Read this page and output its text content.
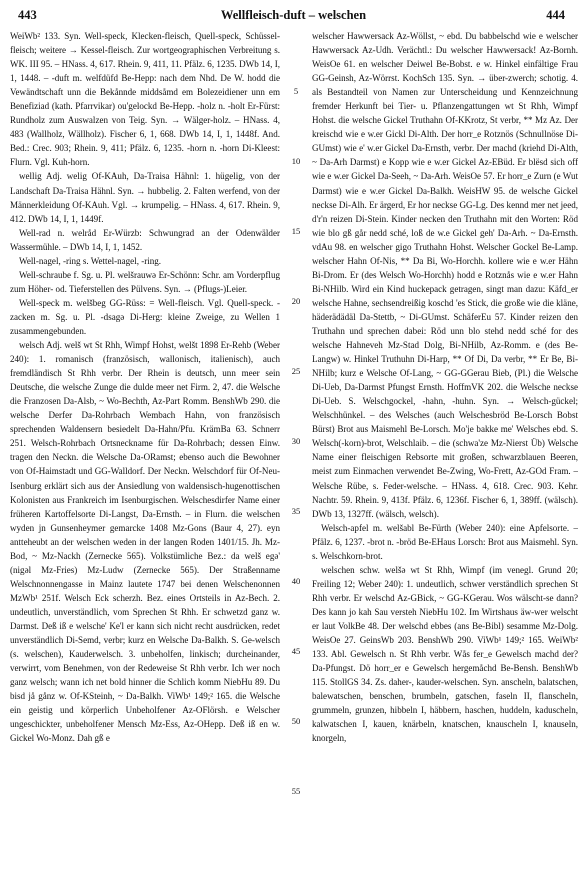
443	Wellfleisch-duft – welschen	444

WeiWb² 133. Syn. Well-speck, Klecken-fleisch, Quell-speck, Schüssel-fleisch; weitere → Kessel-fleisch. Zur wortgeographischen Verbreitung s. WK. III 95. – HNass. 4, 617. Rhein. 9, 411, 11. Pfälz. 6, 1235. DWb 14, I, 1, 1448. – -duft m. welfdüfd Be-Hepp: nach dem Nhd. De W. hodd die Vewändtschaft unn die Bekånnde middsåmd em Bolezeidiener unn em Benefiziad (kath. Pfarrvikar) ou'gelockd Be-Hepp. -holz n. -holt Er-Fürst: Rundholz zum Auswalzen von Teig. Syn. → Wälger-holz. – HNass. 4, 483 (Wallholz, Wällholz). Fischer 6, 1, 668. DWb 14, I, 1, 1448f. And. Bed.: Crec. 903; Rhein. 9, 411; Pfälz. 6, 1235. -horn n. -horn Di-Kleest: Flurn. Vgl. Kuh-horn.

wellig Adj. welig Of-KAuh, Da-Traisa Hähnl: 1. hügelig, von der Landschaft Da-Traisa Hähnl. Syn. → hubbelig. 2. Falten werfend, von der Männerkleidung Of-KAuh. Vgl. → krumpelig. – HNass. 4, 617. Rhein. 9, 412. DWb 14, I, 1, 1449f.

Well-rad n. welråd Er-Würzb: Schwungrad an der Odenwälder Wassermühle. – DWb 14, I, 1, 1452.

Well-nagel, -ring s. Wettel-nagel, -ring.

Well-schraube f. Sg. u. Pl. welšrauwə Er-Schönn: Schr. am Vorderpflug zum Höher- od. Tieferstellen des Pülvens. Syn. → (Pflugs-)Leier.

Well-speck m. welšbeg GG-Rüss: = Well-fleisch. Vgl. Quell-speck. -zacken m. Sg. u. Pl. -dsagə Di-Herg: kleine Zweige, zu Wellen 1 zusammengebunden.

welsch Adj. welš wt St Rhh, Wimpf Hohst, welšt 1898 Er-Rehb (Weber 240): 1. romanisch (französisch, wallonisch, italienisch), auch fremdländisch St Rhh verbr. Der Rhein is deutsch, unn meer sein Deutsche, die welsche Zunge die dulde meer net Firm. 2, 47. die Welsche die Franzosen Da-Alsb, ~ Wo-Bechth, Az-Part Romm. BenshWb 290. die welsche Derfer Da-Rohrbach Wembach Hahn, von französisch sprechenden Waldensern besiedelt Da-Hahn/Pfu. KrämBa 63. Schnerr 251. Welsch-Rohrbach Ortsneckname für Da-Rohrbach; dessen Einw. tragen den Neckn. die Welsche Da-ORamst; ebenso auch die Bewohner von Of-Haimstadt und GG-Walldorf. Der Neckn. Welschdorf für Of-Neu-Isenburg erklärt sich aus der Ansiedlung von waldensisch-hugenottischen Kolonisten aus Frankreich im Isenburgischen. Welschesdirfer Name einer früheren Kartoffelsorte Di-Langst, Da-Ernsth. – in Flurn. die welschen wyden jn Gunsenheymer gemarcke 1408 Mz-Gons (Baur 4, 27). eyn antteheubt an der welschen weden in der langen Roden 1401/15. Jh. Mz-Bod, ~ Mz-Nackh (Zernecke 565). Volkstümliche Bez.: da welš egə' (nigəl Mz-Fries) Mz-Ludw (Zernecke 565). Der Straßenname Welschnonnengasse in Mainz lautete 1747 bei denen Welschenonnen MzWb¹ 251f. Welsch Eck scherzh. Bez. eines Ortsteils in Az-Bech. 2. undeutlich, unverständlich, vom Sprechen St Rhh. Er schwetzd ganz w. Darmst. Deß iß e welsche' Ke'l er kann sich nicht recht ausdrücken, redet unverständlich Di-Semd, verbr; kurz en Welsche Da-Balkh. S. Ge-welsch (s. welschen), Kauderwelsch. 3. unbeholfen, linkisch; durcheinander, verwirrt, vom Benehmen, von der Redeweise St Rhh verbr. Ich wer noch ganz welsch; wann ich net bold hinner die Schlich komm NiebHu 89. Du bisd jå gånz w. Of-KSteinh, ~ Da-Balkh. ViWb¹ 149;² 165. die Welsche ein geistig und körperlich Unbeholfener Az-OFlörsh. e Welscher ungeschickter, unbeholfener Mensch Mz-Ess, Az-OHepp. Deß iß en w. Gickel Wo-Monz. Dah gß e

5
10
15
20
25
30
35
40
45
50
55

welscher Hawwersack Az-Wöllst, ~ ebd. Du babbelschd wie e welscher Hawwersack Az-Udh. Verächtl.: Du welscher Hawwersack! Az-Bornh. WeisOe 61. en welscher Deiwel Be-Bobst. e w. Hinkel einfältige Frau GG-Geinsh, Az-Wörrst. KochSch 135. Syn. → über-zwerch; schotig. 4. als Bestandteil von Namen zur Unterscheidung und Kennzeichnung fremder Herkunft bei Tier- u. Pflanzengattungen wt St Rhh, Wimpf Hohst. die welsche Gickel Truthahn Of-KKrotz, St verbr, ** Mz Az. Der kreischd wie e w.er Gickl Di-Alth. Der horr_e Rotznös (Schnullnöse Di-GUmst) wie e' w.er Gickel Da-Ernsth, verbr. Der machd (kriehd Di-Alth, ~ Da-Arh Darmst) e Kopp wie e w.er Gickel Az-EBüd. Er blësd sich off wie e w.er Gickel Da-Seeh, ~ Da-Arh. WeisOe 57. Er horr_e Zurn (e Wut Darmst) wie e w.er Gickel Da-Balkh. WeisHW 95. de welsche Gickel neckse Di-Alh. Er ärgerd, Er hor neckse GG-Lg. Des kennd mer net jeed, d'r'n reizen Di-Stein. Kinder necken den Truthahn mit den Worten: Röd wie blo gß går nedd sché, loß de w.e Gickel geh' Da-Arh. ~ Da-Ernsth. vdAu 98. en welscher gigo Truthahn Hohst. Welscher Gockel Be-Lamp. welscher Hahn Of-Nis, ** Da Bi, Wo-Horchh. kollere wie e w.er Hähn Bi-Drom. Er (des Welsch Wo-Horchh) hodd e Rotznås wie e w.er Hahn Bi-NHilb. Wird ein Kind huckepack getragen, singt man dazu: Käfd_er welsche Hahne, sechsendreißig koschd 'es Stick, die große wie die kläne, häderädädäl Da-Stettb, ~ Di-GUmst. SchäferEu 57. Kinder reizen den Truthahn und sprechen dabei: Röd unn blo stehd nedd sché for des welsche Hahneveh Mz-Stad Dolg, Bi-NHilb, Az-Romm. e (des Be-Langw) w. Hinkel Truthuhn Di-Harp, ** Of Di, Da verbr, ** Er Be, Bi-NHilb; kurz e Welsche Of-Lang, ~ GG-GGerau Bieb, (Pl.) die Welsche Di-Ueb, Da-Darmst Pfungst Ernsth. HoffmVK 202. die Welsche neckse Di-Ueb. S. Welschgockel, -hahn, -huhn. Syn. → Welsch-gückel; Welschhünkel. – des Welsches (auch Welschesbröd Be-Lorsch Bobst Bürst) Brot aus Maismehl Be-Lorsch. Mo'je bakke me' Welsches ebd. S. Welsch(-korn)-brot, Welschlaib. – die (schwa'ze Mz-Nierst Üb) Welsche Name einer fleischigen Rebsorte mit großen, schwarzblauen Beeren, meist zum Einmachen verwendet Be-Zwing, Wo-Frett, Az-GOd Fram. – Welsche Rübe, s. Feder-welsche. – HNass. 4, 618. Crec. 903. Kehr. Nachtr. 59. Rhein. 9, 413f. Pfälz. 6, 1236f. Fischer 6, 1, 389ff. (wälsch). DWb 13, 1327ff. (wälsch, welsch).

Welsch-apfel m. welšabl Be-Fürth (Weber 240): eine Apfelsorte. – Pfälz. 6, 1237. -brot n. -bröd Be-EHaus Lorsch: Brot aus Maismehl. Syn. s. Welschkorn-brot.

welschen schw. welšə wt St Rhh, Wimpf (im venegl. Grund 20; Freiling 12; Weber 240): 1. undeutlich, schwer verständlich sprechen St Rhh verbr. Er welschd Az-GBick, ~ GG-KGerau. Wos wälscht-se dann? Des kann jo kah Sau versteh NiebHu 102. Im Wirtshaus äw-wer welscht er laut VolkBe 48. Der welschd ebbes (ans Be-Bibl) sesamme Mz-Dolg. WeisOe 27. GeinsWb 203. BenshWb 290. ViWb¹ 149;² 165. WeiWb² 133. Abl. Gewelsch n. St Rhh verbr. Wås fer_e Gewelsch machd der? Da-Pfungst. Dö horr_er e Gewelsch hergemåchd Be-Bensh. BenshWb 115. StollGS 34. Zs. daher-, kauder-welschen. Syn. anscheln, balatschen, balewatschen, benschen, brumbeln, gatschen, faseln II, flanscheln, grummeln, grunzen, hibbeln I, häbbern, haschen, huddeln, kaduscheln, kalwatschen I, kauen, knärbeln, knatschen, knauscheln I, knauseln, knorgeln,
